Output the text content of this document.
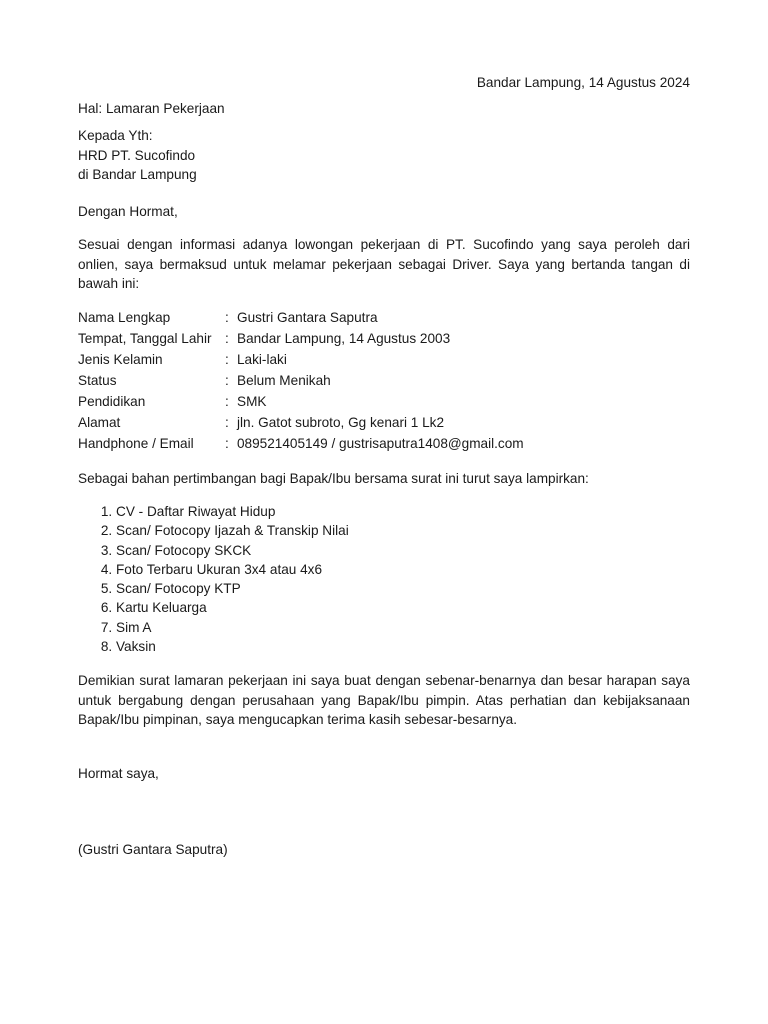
Bandar Lampung, 14 Agustus 2024

Hal: Lamaran Pekerjaan

Kepada Yth:
HRD PT. Sucofindo
di Bandar Lampung

Dengan Hormat,

Sesuai dengan informasi adanya lowongan pekerjaan di PT. Sucofindo yang saya peroleh dari
onlien, saya bermaksud untuk melamar pekerjaan sebagai Driver. Saya yang bertanda tangan di
bawah ini:
Nama Lengkap	:	Gustri Gantara Saputra
Tempat, Tanggal Lahir	:	Bandar Lampung, 14 Agustus 2003
Jenis Kelamin	:	Laki-laki
Status	:	Belum Menikah
Pendidikan	:	SMK
Alamat	:	jln. Gatot subroto, Gg kenari 1 Lk2
Handphone / Email	:	089521405149 / gustrisaputra1408@gmail.com

Sebagai bahan pertimbangan bagi Bapak/Ibu bersama surat ini turut saya lampirkan:

1. CV - Daftar Riwayat Hidup
2. Scan/ Fotocopy Ijazah & Transkip Nilai
3. Scan/ Fotocopy SKCK
4. Foto Terbaru Ukuran 3x4 atau 4x6
5. Scan/ Fotocopy KTP
6. Kartu Keluarga
7. Sim A
8. Vaksin
Demikian surat lamaran pekerjaan ini saya buat dengan sebenar-benarnya dan besar harapan saya
untuk bergabung dengan perusahaan yang Bapak/Ibu pimpin. Atas perhatian dan kebijaksanaan
Bapak/Ibu pimpinan, saya mengucapkan terima kasih sebesar-besarnya.

Hormat saya,

(Gustri Gantara Saputra)
